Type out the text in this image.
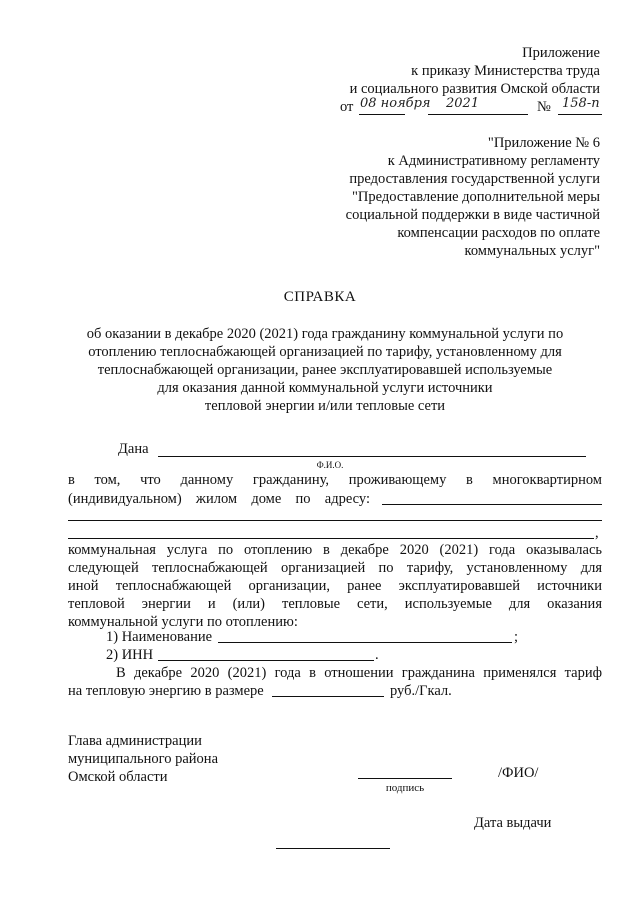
Приложение
к приказу Министерства труда
и социального развития Омской области
от 08 ноября	2021	№ 158-п
"Приложение № 6
к Административному регламенту
предоставления государственной услуги
"Предоставление дополнительной меры
социальной поддержки в виде частичной
компенсации расходов по оплате
коммунальных услуг"
СПРАВКА
об оказании в декабре 2020 (2021) года гражданину коммунальной услуги по
отоплению теплоснабжающей организацией по тарифу, установленному для
теплоснабжающей организации, ранее эксплуатировавшей используемые
для оказания данной коммунальной услуги источники
тепловой энергии и/или тепловые сети
Дана
Ф.И.О.
в том, что данному гражданину, проживающему в многоквартирном
(индивидуальном) жилом доме по адресу:
,
коммунальная услуга по отоплению в декабре 2020 (2021) года оказывалась
следующей теплоснабжающей организацией по тарифу, установленному для
иной теплоснабжающей организации, ранее эксплуатировавшей источники
тепловой энергии и (или) тепловые сети, используемые для оказания
коммунальной услуги по отоплению:
1) Наименование	;
2) ИНН	.
В декабре 2020 (2021) года в отношении гражданина применялся тариф
на тепловую энергию в размере	руб./Гкал.
Глава администрации
муниципального района
Омской области
подпись
/ФИО/
Дата выдачи
